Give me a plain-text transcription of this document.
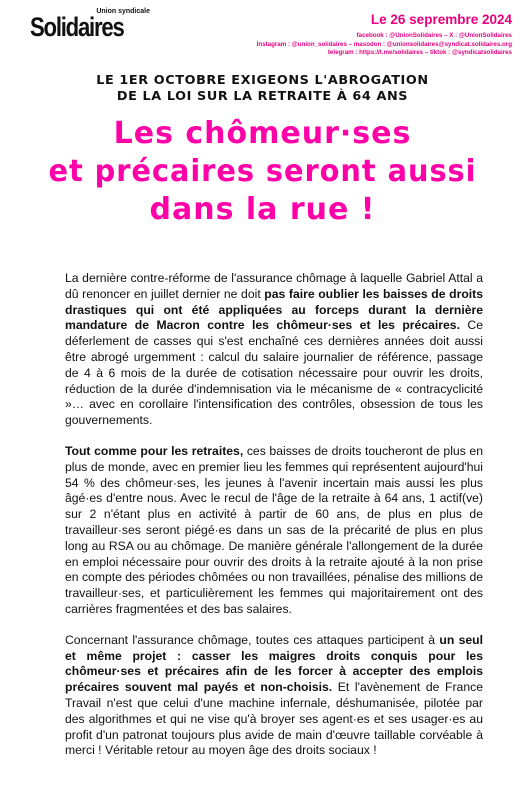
Union syndicale
Solidaires	Le 26 seprembre 2024
facebook : @UnionSolidaires – X : @UnionSolidaires
Instagram : @union_solidaires – masodon : @unionsolidaires@syndicat.solidaires.org
telegram : https://t.me/solidaires – tiktok : @syndicatsolidaires
LE 1ER OCTOBRE EXIGEONS L'ABROGATION
DE LA LOI SUR LA RETRAITE À 64 ANS
Les chômeur·ses
et précaires seront aussi
dans la rue !

La dernière contre-réforme de l'assurance chômage à laquelle Gabriel Attal a dû renoncer en juillet dernier ne doit pas faire oublier les baisses de droits drastiques qui ont été appliquées au forceps durant la dernière mandature de Macron contre les chômeur·ses et les précaires. Ce déferlement de casses qui s'est enchaîné ces dernières années doit aussi être abrogé urgemment : calcul du salaire journalier de référence, passage de 4 à 6 mois de la durée de cotisation nécessaire pour ouvrir les droits, réduction de la durée d'indemnisation via le mécanisme de « contracyclicité »… avec en corollaire l'intensification des contrôles, obsession de tous les gouvernements.

Tout comme pour les retraites, ces baisses de droits toucheront de plus en plus de monde, avec en premier lieu les femmes qui représentent aujourd'hui 54 % des chômeur·ses, les jeunes à l'avenir incertain mais aussi les plus âgé·es d'entre nous. Avec le recul de l'âge de la retraite à 64 ans, 1 actif(ve) sur 2 n'étant plus en activité à partir de 60 ans, de plus en plus de travailleur·ses seront piégé·es dans un sas de la précarité de plus en plus long au RSA ou au chômage. De manière générale l'allongement de la durée en emploi nécessaire pour ouvrir des droits à la retraite ajouté à la non prise en compte des périodes chômées ou non travaillées, pénalise des millions de travailleur·ses, et particulièrement les femmes qui majoritairement ont des carrières fragmentées et des bas salaires.

Concernant l'assurance chômage, toutes ces attaques participent à un seul et même projet : casser les maigres droits conquis pour les chômeur·ses et précaires afin de les forcer à accepter des emplois précaires souvent mal payés et non-choisis. Et l'avènement de France Travail n'est que celui d'une machine infernale, déshumanisée, pilotée par des algorithmes et qui ne vise qu'à broyer ses agent·es et ses usager·es au profit d'un patronat toujours plus avide de main d'œuvre taillable corvéable à merci ! Véritable retour au moyen âge des droits sociaux !
